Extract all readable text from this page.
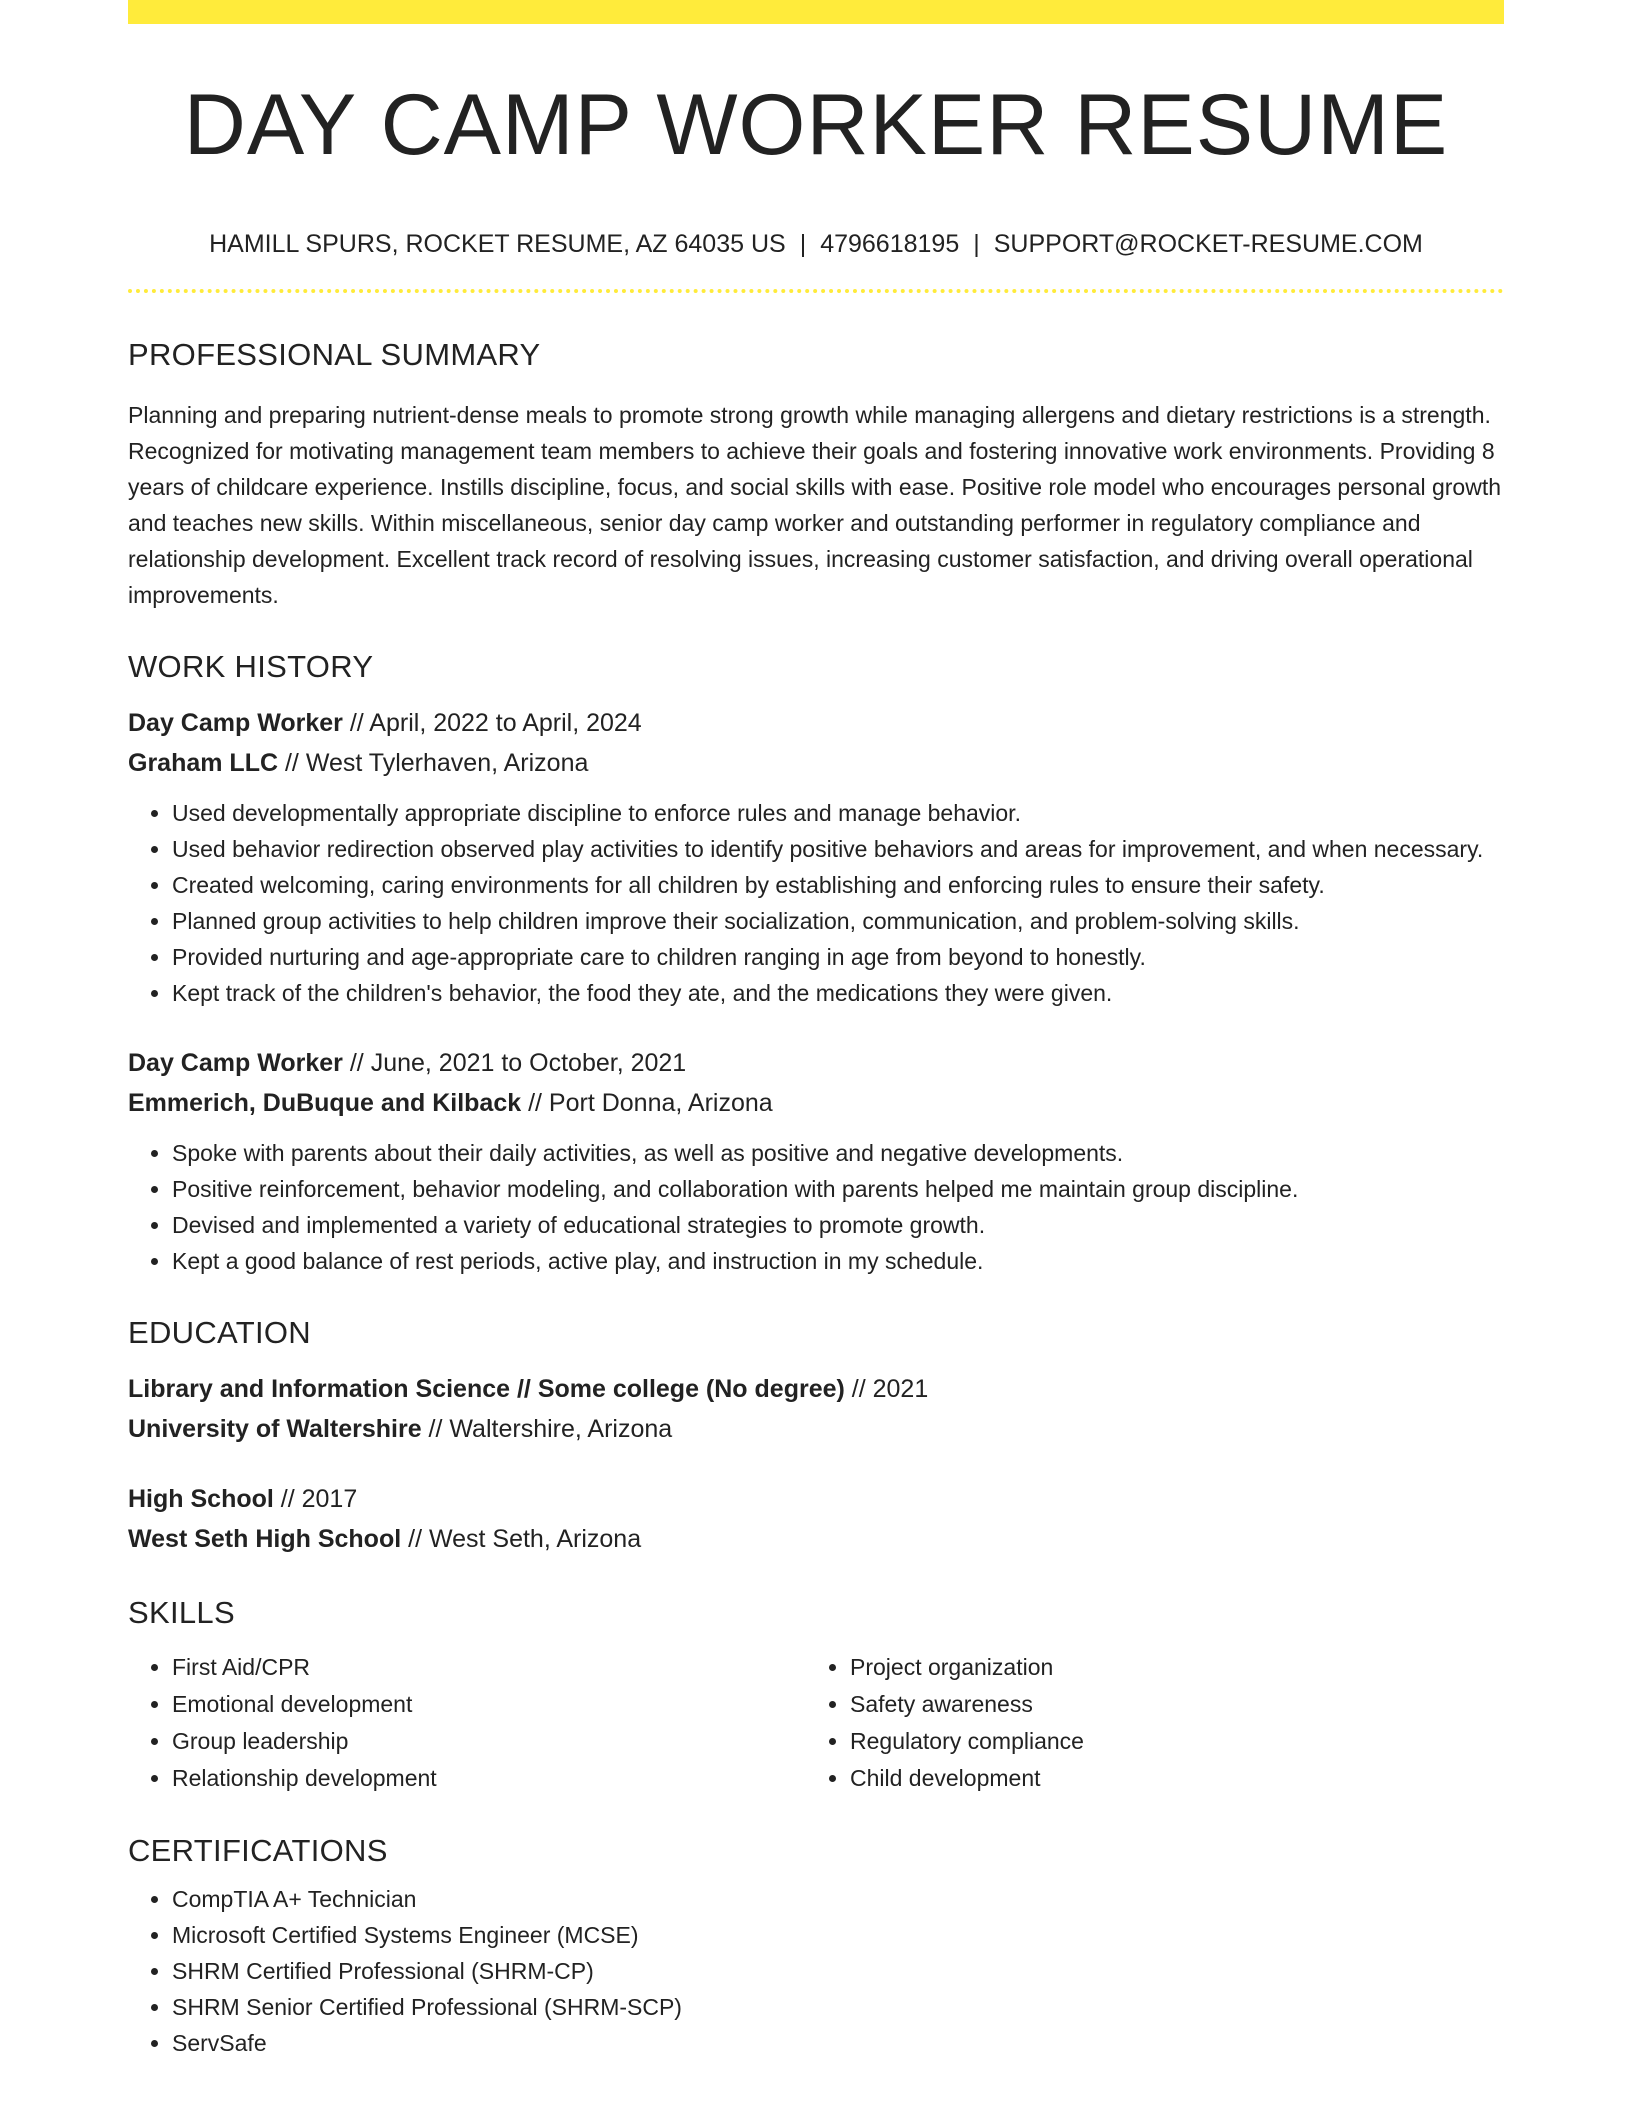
DAY CAMP WORKER RESUME
HAMILL SPURS, ROCKET RESUME, AZ 64035 US | 4796618195 | SUPPORT@ROCKET-RESUME.COM
PROFESSIONAL SUMMARY

Planning and preparing nutrient-dense meals to promote strong growth while managing allergens and dietary restrictions is a strength. Recognized for motivating management team members to achieve their goals and fostering innovative work environments. Providing 8 years of childcare experience. Instills discipline, focus, and social skills with ease. Positive role model who encourages personal growth and teaches new skills. Within miscellaneous, senior day camp worker and outstanding performer in regulatory compliance and relationship development. Excellent track record of resolving issues, increasing customer satisfaction, and driving overall operational improvements.

WORK HISTORY
Day Camp Worker // April, 2022 to April, 2024
Graham LLC // West Tylerhaven, Arizona
• Used developmentally appropriate discipline to enforce rules and manage behavior.
• Used behavior redirection observed play activities to identify positive behaviors and areas for improvement, and when necessary.
• Created welcoming, caring environments for all children by establishing and enforcing rules to ensure their safety.
• Planned group activities to help children improve their socialization, communication, and problem-solving skills.
• Provided nurturing and age-appropriate care to children ranging in age from beyond to honestly.
• Kept track of the children's behavior, the food they ate, and the medications they were given.
Day Camp Worker // June, 2021 to October, 2021
Emmerich, DuBuque and Kilback // Port Donna, Arizona
• Spoke with parents about their daily activities, as well as positive and negative developments.
• Positive reinforcement, behavior modeling, and collaboration with parents helped me maintain group discipline.
• Devised and implemented a variety of educational strategies to promote growth.
• Kept a good balance of rest periods, active play, and instruction in my schedule.
EDUCATION
Library and Information Science // Some college (No degree) // 2021
University of Waltershire // Waltershire, Arizona
High School // 2017
West Seth High School // West Seth, Arizona
SKILLS
• First Aid/CPR
• Emotional development
• Group leadership
• Relationship development
• Project organization
• Safety awareness
• Regulatory compliance
• Child development
CERTIFICATIONS
• CompTIA A+ Technician
• Microsoft Certified Systems Engineer (MCSE)
• SHRM Certified Professional (SHRM-CP)
• SHRM Senior Certified Professional (SHRM-SCP)
• ServSafe
